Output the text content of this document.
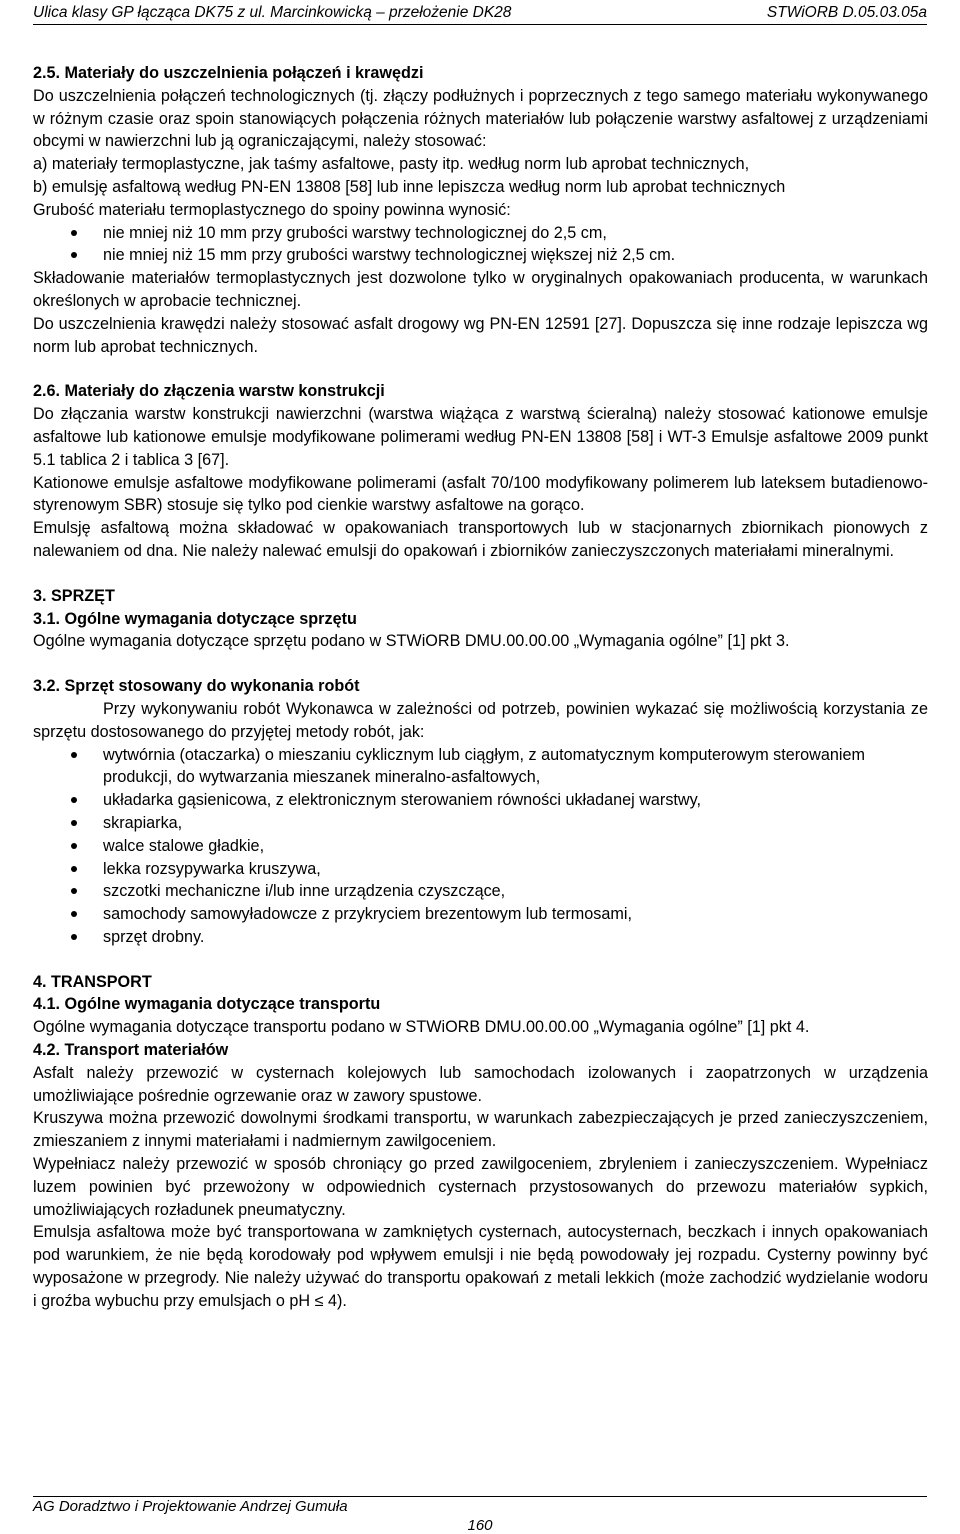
Ulica klasy GP łącząca DK75 z ul. Marcinkowicką – przełożenie DK28	STWiORB D.05.03.05a

2.5. Materiały do uszczelnienia połączeń i krawędzi

Do uszczelnienia połączeń technologicznych (tj. złączy podłużnych i poprzecznych z tego samego materiału wykonywanego w różnym czasie oraz spoin stanowiących połączenia różnych materiałów lub połączenie warstwy asfaltowej z urządzeniami obcymi w nawierzchni lub ją ograniczającymi, należy stosować:

a) materiały termoplastyczne, jak taśmy asfaltowe, pasty itp. według norm lub aprobat technicznych,

b) emulsję asfaltową według PN-EN 13808 [58] lub inne lepiszcza według norm lub aprobat technicznych

Grubość materiału termoplastycznego do spoiny powinna wynosić:

nie mniej niż 10 mm przy grubości warstwy technologicznej do 2,5 cm,
nie mniej niż 15 mm przy grubości warstwy technologicznej większej niż 2,5 cm.

Składowanie materiałów termoplastycznych jest dozwolone tylko w oryginalnych opakowaniach producenta, w warunkach określonych w aprobacie technicznej.

Do uszczelnienia krawędzi należy stosować asfalt drogowy wg PN-EN 12591 [27]. Dopuszcza się inne rodzaje lepiszcza wg norm lub aprobat technicznych.

2.6. Materiały do złączenia warstw konstrukcji

Do złączania warstw konstrukcji nawierzchni (warstwa wiążąca z warstwą ścieralną) należy stosować kationowe emulsje asfaltowe lub kationowe emulsje modyfikowane polimerami według PN-EN 13808 [58] i WT-3 Emulsje asfaltowe 2009 punkt 5.1 tablica 2 i tablica 3 [67].

Kationowe emulsje asfaltowe modyfikowane polimerami (asfalt 70/100 modyfikowany polimerem lub lateksem butadienowo-styrenowym SBR) stosuje się tylko pod cienkie warstwy asfaltowe na gorąco.

Emulsję asfaltową można składować w opakowaniach transportowych lub w stacjonarnych zbiornikach pionowych z nalewaniem od dna. Nie należy nalewać emulsji do opakowań i zbiorników zanieczyszczonych materiałami mineralnymi.

3. SPRZĘT

3.1. Ogólne wymagania dotyczące sprzętu

Ogólne wymagania dotyczące sprzętu podano w STWiORB DMU.00.00.00 „Wymagania ogólne” [1] pkt 3.

3.2. Sprzęt stosowany do wykonania robót

Przy wykonywaniu robót Wykonawca w zależności od potrzeb, powinien wykazać się możliwością korzystania ze sprzętu dostosowanego do przyjętej metody robót, jak:

wytwórnia (otaczarka) o mieszaniu cyklicznym lub ciągłym, z automatycznym komputerowym sterowaniem produkcji, do wytwarzania mieszanek mineralno-asfaltowych,
układarka gąsienicowa, z elektronicznym sterowaniem równości układanej warstwy,
skrapiarka,
walce stalowe gładkie,
lekka rozsypywarka kruszywa,
szczotki mechaniczne i/lub inne urządzenia czyszczące,
samochody samowyładowcze z przykryciem brezentowym lub termosami,
sprzęt drobny.

4. TRANSPORT

4.1. Ogólne wymagania dotyczące transportu

Ogólne wymagania dotyczące transportu podano w STWiORB DMU.00.00.00 „Wymagania ogólne” [1] pkt 4.

4.2. Transport materiałów

Asfalt należy przewozić w cysternach kolejowych lub samochodach izolowanych i zaopatrzonych w urządzenia umożliwiające pośrednie ogrzewanie oraz w zawory spustowe.

Kruszywa można przewozić dowolnymi środkami transportu, w warunkach zabezpieczających je przed zanieczyszczeniem, zmieszaniem z innymi materiałami i nadmiernym zawilgoceniem.

Wypełniacz należy przewozić w sposób chroniący go przed zawilgoceniem, zbryleniem i zanieczyszczeniem. Wypełniacz luzem powinien być przewożony w odpowiednich cysternach przystosowanych do przewozu materiałów sypkich, umożliwiających rozładunek pneumatyczny.

Emulsja asfaltowa może być transportowana w zamkniętych cysternach, autocysternach, beczkach i innych opakowaniach pod warunkiem, że nie będą korodowały pod wpływem emulsji i nie będą powodowały jej rozpadu. Cysterny powinny być wyposażone w przegrody. Nie należy używać do transportu opakowań z metali lekkich (może zachodzić wydzielanie wodoru i groźba wybuchu przy emulsjach o pH ≤ 4).

AG Doradztwo i Projektowanie Andrzej Gumuła
160
